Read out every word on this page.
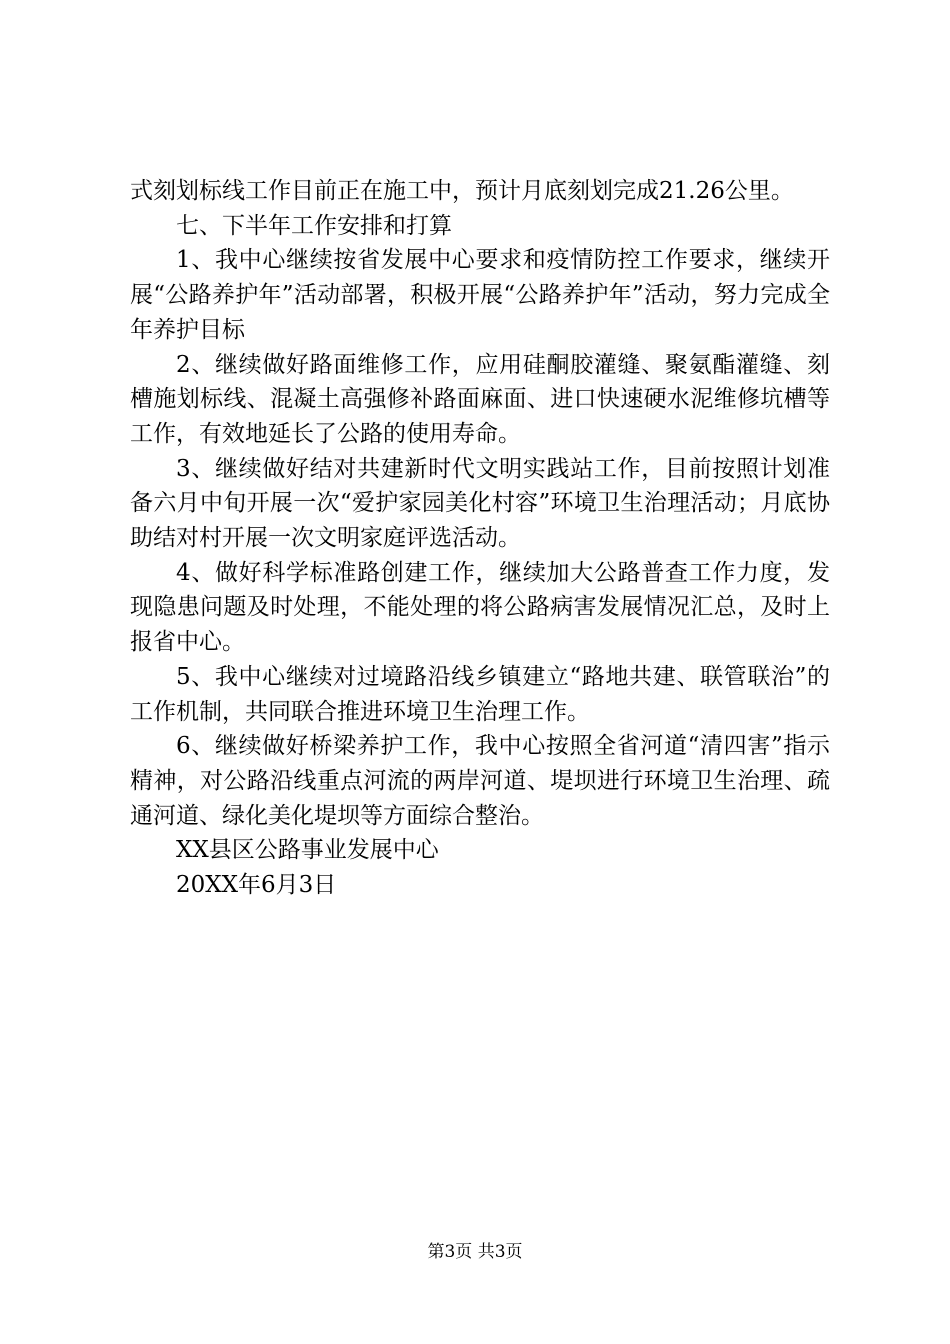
式刻划标线工作目前正在施工中，预计月底刻划完成21.26公里。

七、下半年工作安排和打算

1、我中心继续按省发展中心要求和疫情防控工作要求，继续开展“公路养护年”活动部署，积极开展“公路养护年”活动，努力完成全年养护目标

2、继续做好路面维修工作，应用硅酮胶灌缝、聚氨酯灌缝、刻槽施划标线、混凝土高强修补路面麻面、进口快速硬水泥维修坑槽等工作，有效地延长了公路的使用寿命。

3、继续做好结对共建新时代文明实践站工作，目前按照计划准备六月中旬开展一次“爱护家园美化村容”环境卫生治理活动；月底协助结对村开展一次文明家庭评选活动。

4、做好科学标准路创建工作，继续加大公路普查工作力度，发现隐患问题及时处理，不能处理的将公路病害发展情况汇总，及时上报省中心。

5、我中心继续对过境路沿线乡镇建立“路地共建、联管联治”的工作机制，共同联合推进环境卫生治理工作。

6、继续做好桥梁养护工作，我中心按照全省河道“清四害”指示精神，对公路沿线重点河流的两岸河道、堤坝进行环境卫生治理、疏通河道、绿化美化堤坝等方面综合整治。

XX县区公路事业发展中心

20XX年6月3日

第3页 共3页
